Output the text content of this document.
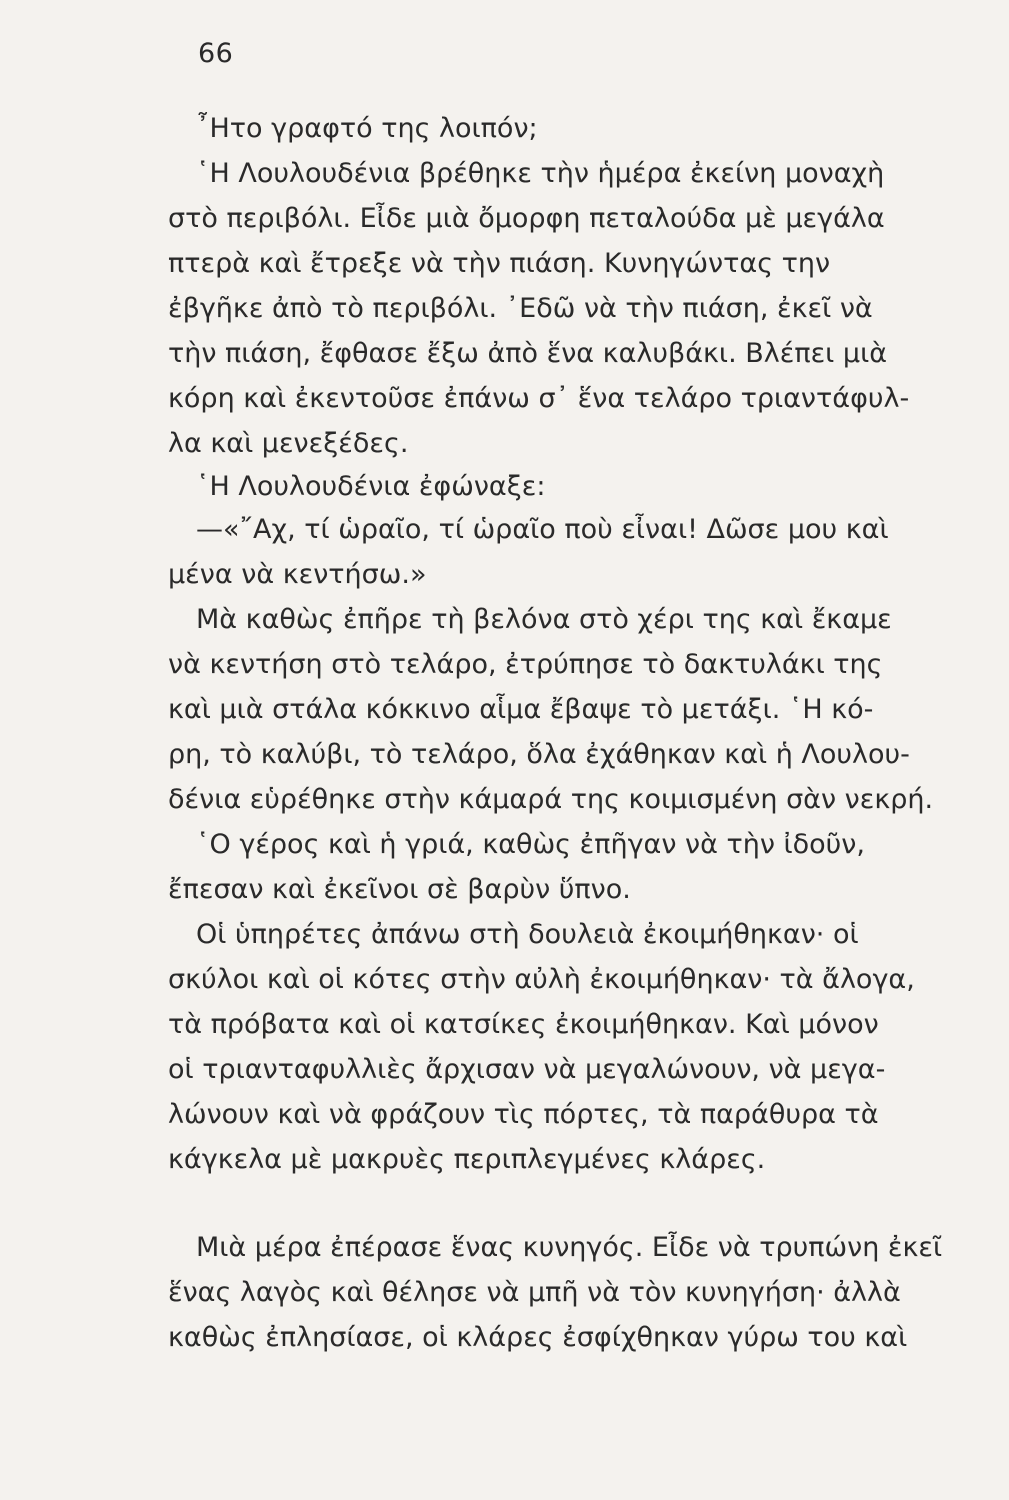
66
῏Ητο γραφτό της λοιπόν;
῾Η Λουλουδένια βρέθηκε τὴν ἡμέρα ἐκείνη μοναχὴ
στὸ περιβόλι. Εἶδε μιὰ ὄμορφη πεταλούδα μὲ μεγάλα
πτερὰ καὶ ἔτρεξε νὰ τὴν πιάση. Κυνηγώντας την
ἐβγῆκε ἀπὸ τὸ περιβόλι. ᾽Εδῶ νὰ τὴν πιάση, ἐκεῖ νὰ
τὴν πιάση, ἔφθασε ἔξω ἀπὸ ἕνα καλυβάκι. Βλέπει μιὰ
κόρη καὶ ἐκεντοῦσε ἐπάνω σ᾽ ἕνα τελάρο τριαντάφυλ-
λα καὶ μενεξέδες.
῾Η Λουλουδένια ἐφώναξε:
—«῎Αχ, τί ὡραῖο, τί ὡραῖο ποὺ εἶναι! Δῶσε μου καὶ
μένα νὰ κεντήσω.»
Μὰ καθὼς ἐπῆρε τὴ βελόνα στὸ χέρι της καὶ ἔκαμε
νὰ κεντήση στὸ τελάρο, ἐτρύπησε τὸ δακτυλάκι της
καὶ μιὰ στάλα κόκκινο αἷμα ἔβαψε τὸ μετάξι. ῾Η κό-
ρη, τὸ καλύβι, τὸ τελάρο, ὅλα ἐχάθηκαν καὶ ἡ Λουλου-
δένια εὑρέθηκε στὴν κάμαρά της κοιμισμένη σὰν νεκρή.
῾Ο γέρος καὶ ἡ γριά, καθὼς ἐπῆγαν νὰ τὴν ἰδοῦν,
ἔπεσαν καὶ ἐκεῖνοι σὲ βαρὺν ὕπνο.
Οἱ ὑπηρέτες ἀπάνω στὴ δουλειὰ ἐκοιμήθηκαν· οἱ
σκύλοι καὶ οἱ κότες στὴν αὐλὴ ἐκοιμήθηκαν· τὰ ἄλογα,
τὰ πρόβατα καὶ οἱ κατσίκες ἐκοιμήθηκαν. Καὶ μόνον
οἱ τριανταφυλλιὲς ἄρχισαν νὰ μεγαλώνουν, νὰ μεγα-
λώνουν καὶ νὰ φράζουν τὶς πόρτες, τὰ παράθυρα τὰ
κάγκελα μὲ μακρυὲς περιπλεγμένες κλάρες.
Μιὰ μέρα ἐπέρασε ἕνας κυνηγός. Εἶδε νὰ τρυπώνη ἐκεῖ
ἕνας λαγὸς καὶ θέλησε νὰ μπῆ νὰ τὸν κυνηγήση· ἀλλὰ
καθὼς ἐπλησίασε, οἱ κλάρες ἐσφίχθηκαν γύρω του καὶ
